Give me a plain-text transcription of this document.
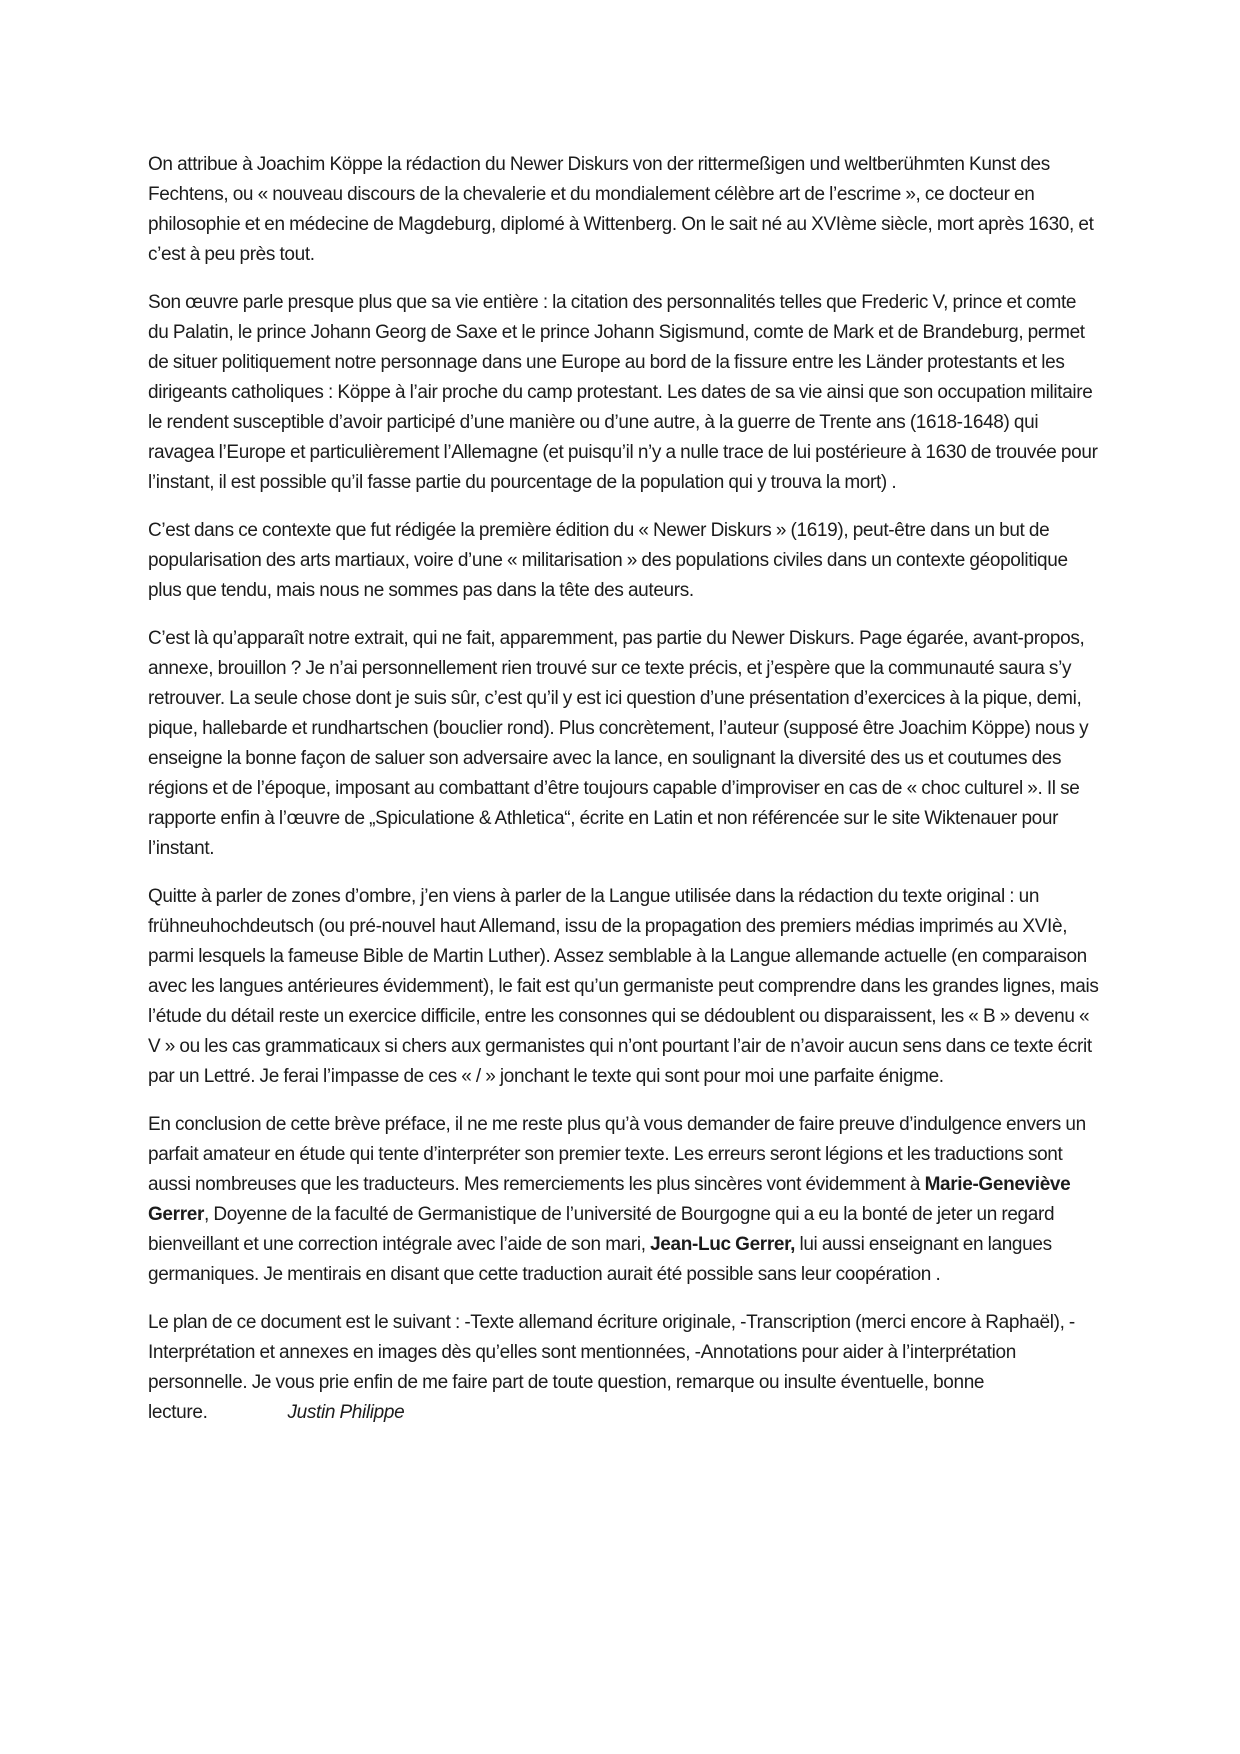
On attribue à Joachim Köppe la rédaction du Newer Diskurs von der rittermeßigen und weltberühmten Kunst des Fechtens, ou « nouveau discours de la chevalerie et du mondialement célèbre art de l’escrime », ce docteur en philosophie et en médecine de Magdeburg, diplomé à Wittenberg. On le sait né au XVIème siècle, mort après 1630, et c’est à peu près tout.

Son œuvre parle presque plus que sa vie entière : la citation des personnalités telles que Frederic V, prince et comte du Palatin, le prince Johann Georg de Saxe et le prince Johann Sigismund, comte de Mark et de Brandeburg, permet de situer politiquement notre personnage dans une Europe au bord de la fissure entre les Länder protestants et les dirigeants catholiques : Köppe à l’air proche du camp protestant. Les dates de sa vie ainsi que son occupation militaire le rendent susceptible d’avoir participé d’une manière ou d’une autre, à la guerre de Trente ans (1618-1648) qui ravagea l’Europe et particulièrement l’Allemagne (et puisqu’il n’y a nulle trace de lui postérieure à 1630 de trouvée pour l’instant, il est possible qu’il fasse partie du pourcentage de la population qui y trouva la mort) .

C’est dans ce contexte que fut rédigée la première édition du « Newer Diskurs » (1619), peut-être dans un but de popularisation des arts martiaux, voire d’une « militarisation » des populations civiles dans un contexte géopolitique plus que tendu, mais nous ne sommes pas dans la tête des auteurs.

C’est là qu’apparaît notre extrait, qui ne fait, apparemment, pas partie du Newer Diskurs. Page égarée, avant-propos, annexe, brouillon ? Je n’ai personnellement rien trouvé sur ce texte précis, et j’espère que la communauté saura s’y retrouver. La seule chose dont je suis sûr, c’est qu’il y est ici question d’une présentation d’exercices à la pique, demi, pique, hallebarde et rundhartschen (bouclier rond). Plus concrètement, l’auteur (supposé être Joachim Köppe) nous y enseigne la bonne façon de saluer son adversaire avec la lance, en soulignant la diversité des us et coutumes des régions et de l’époque, imposant au combattant d’être toujours capable d’improviser en cas de « choc culturel ». Il se rapporte enfin à l’œuvre de „Spiculatione & Athletica“, écrite en Latin et non référencée sur le site Wiktenauer pour l’instant.

Quitte à parler de zones d’ombre, j’en viens à parler de la Langue utilisée dans la rédaction du texte original : un frühneuhochdeutsch (ou pré-nouvel haut Allemand, issu de la propagation des premiers médias imprimés au XVIè, parmi lesquels la fameuse Bible de Martin Luther). Assez semblable à la Langue allemande actuelle (en comparaison avec les langues antérieures évidemment), le fait est qu’un germaniste peut comprendre dans les grandes lignes, mais l’étude du détail reste un exercice difficile, entre les consonnes qui se dédoublent ou disparaissent, les « B » devenu « V » ou les cas grammaticaux si chers aux germanistes qui n’ont pourtant l’air de n’avoir aucun sens dans ce texte écrit par un Lettré. Je ferai l’impasse de ces « / » jonchant le texte qui sont pour moi une parfaite énigme.

En conclusion de cette brève préface, il ne me reste plus qu’à vous demander de faire preuve d’indulgence envers un parfait amateur en étude qui tente d’interpréter son premier texte. Les erreurs seront légions et les traductions sont aussi nombreuses que les traducteurs. Mes remerciements les plus sincères vont évidemment à Marie-Geneviève Gerrer, Doyenne de la faculté de Germanistique de l’université de Bourgogne qui a eu la bonté de jeter un regard bienveillant et une correction intégrale avec l’aide de son mari, Jean-Luc Gerrer, lui aussi enseignant en langues germaniques. Je mentirais en disant que cette traduction aurait été possible sans leur coopération .

Le plan de ce document est le suivant : -Texte allemand écriture originale, -Transcription (merci encore à Raphaël), -Interprétation et annexes en images dès qu’elles sont mentionnées, -Annotations pour aider à l’interprétation personnelle. Je vous prie enfin de me faire part de toute question, remarque ou insulte éventuelle, bonne lecture.	Justin Philippe
